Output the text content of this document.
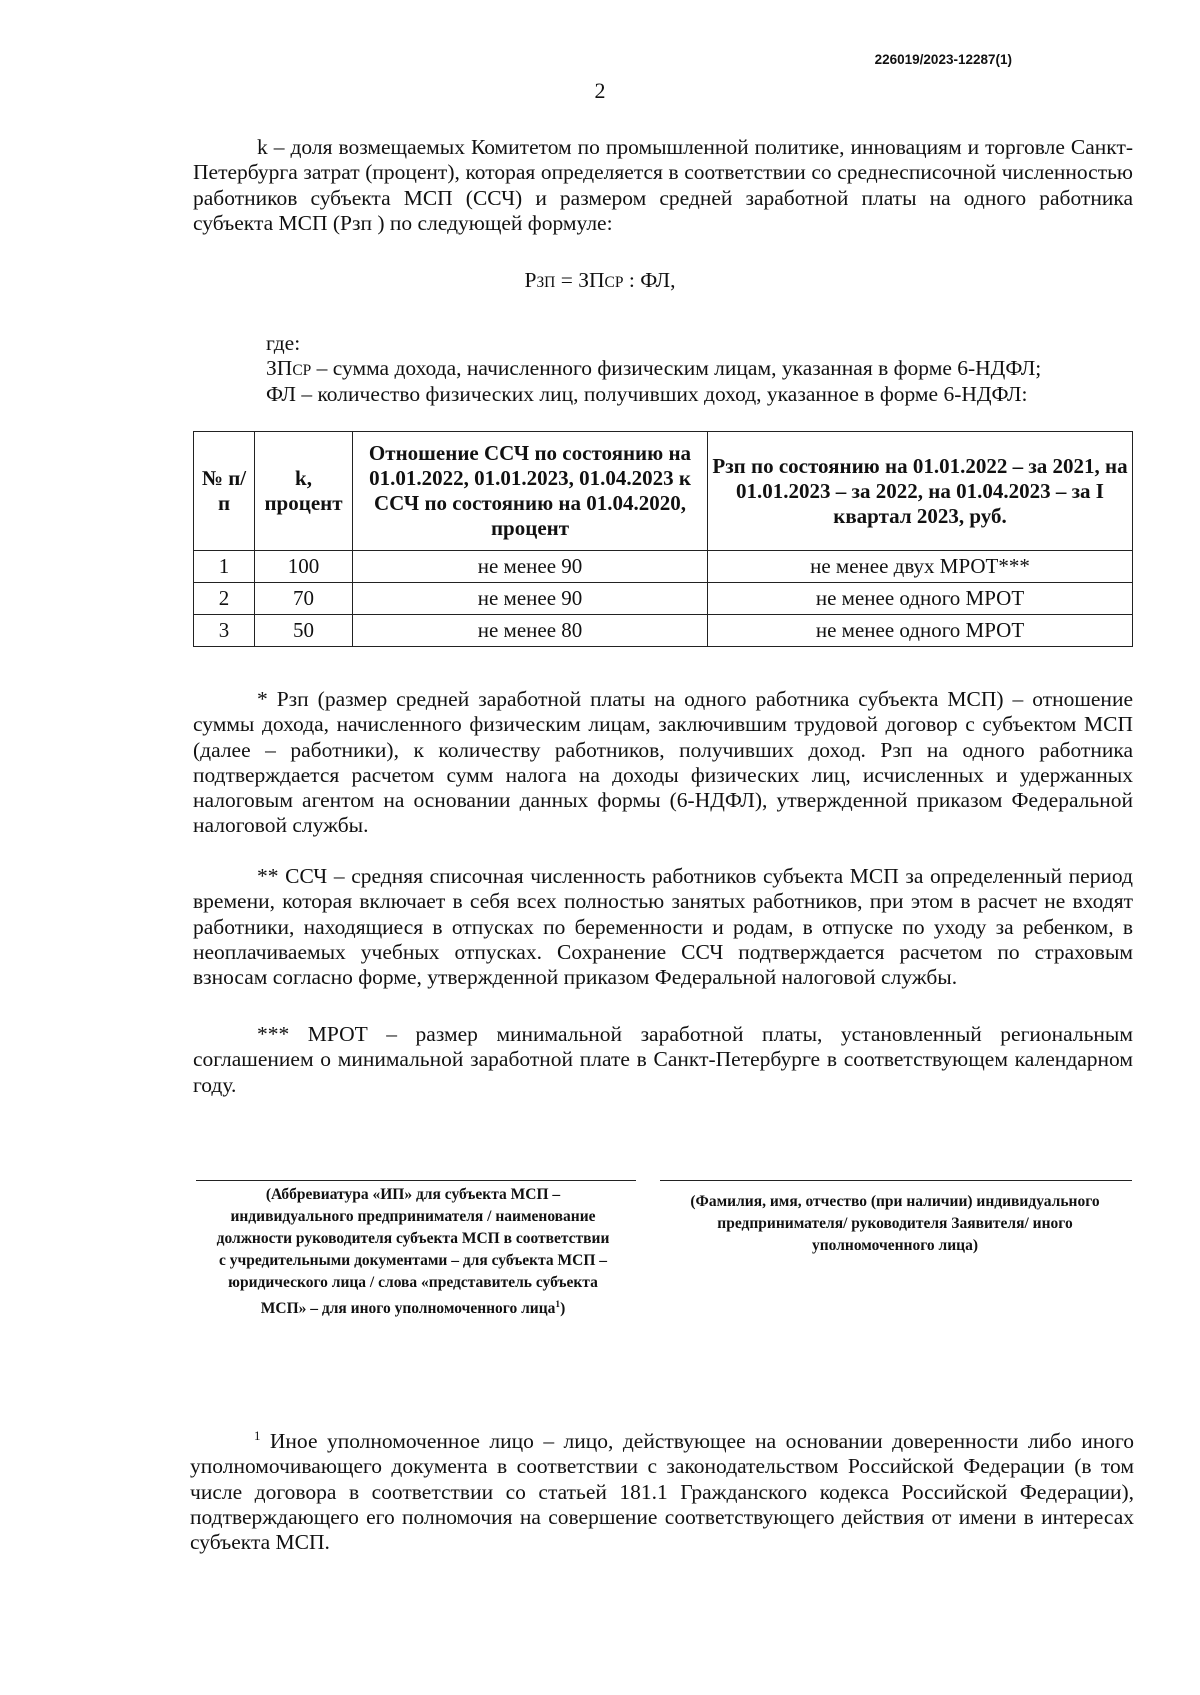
226019/2023-12287(1)
2
k – доля возмещаемых Комитетом по промышленной политике, инновациям и торговле Санкт-Петербурга затрат (процент), которая определяется в соответствии со среднесписочной численностью работников субъекта МСП (ССЧ) и размером средней заработной платы на одного работника субъекта МСП (Рзп ) по следующей формуле:
РЗП = ЗПСР : ФЛ,
где:
ЗПСР – сумма дохода, начисленного физическим лицам, указанная в форме 6-НДФЛ;
ФЛ – количество физических лиц, получивших доход, указанное в форме 6-НДФЛ:
№ п/п	k, процент	Отношение ССЧ по состоянию на 01.01.2022, 01.01.2023, 01.04.2023 к ССЧ по состоянию на 01.04.2020, процент	Рзп по состоянию на 01.01.2022 – за 2021, на 01.01.2023 – за 2022, на 01.04.2023 – за I квартал 2023, руб.
1	100	не менее 90	не менее двух МРОТ***
2	70	не менее 90	не менее одного МРОТ
3	50	не менее 80	не менее одного МРОТ
* Рзп (размер средней заработной платы на одного работника субъекта МСП) – отношение суммы дохода, начисленного физическим лицам, заключившим трудовой договор с субъектом МСП (далее – работники), к количеству работников, получивших доход. Рзп на одного работника подтверждается расчетом сумм налога на доходы физических лиц, исчисленных и удержанных налоговым агентом на основании данных формы (6-НДФЛ), утвержденной приказом Федеральной налоговой службы.
** ССЧ – средняя списочная численность работников субъекта МСП за определенный период времени, которая включает в себя всех полностью занятых работников, при этом в расчет не входят работники, находящиеся в отпусках по беременности и родам, в отпуске по уходу за ребенком, в неоплачиваемых учебных отпусках. Сохранение ССЧ подтверждается расчетом по страховым взносам согласно форме, утвержденной приказом Федеральной налоговой службы.
*** МРОТ – размер минимальной заработной платы, установленный региональным соглашением о минимальной заработной плате в Санкт-Петербурге в соответствующем календарном году.
(Аббревиатура «ИП» для субъекта МСП – индивидуального предпринимателя / наименование должности руководителя субъекта МСП в соответствии с учредительными документами – для субъекта МСП – юридического лица / слова «представитель субъекта МСП» – для иного уполномоченного лица$^1$)
(Фамилия, имя, отчество (при наличии) индивидуального предпринимателя/ руководителя Заявителя/ иного уполномоченного лица)
$^1$ Иное уполномоченное лицо – лицо, действующее на основании доверенности либо иного уполномочивающего документа в соответствии с законодательством Российской Федерации (в том числе договора в соответствии со статьей 181.1 Гражданского кодекса Российской Федерации), подтверждающего его полномочия на совершение соответствующего действия от имени в интересах субъекта МСП.
